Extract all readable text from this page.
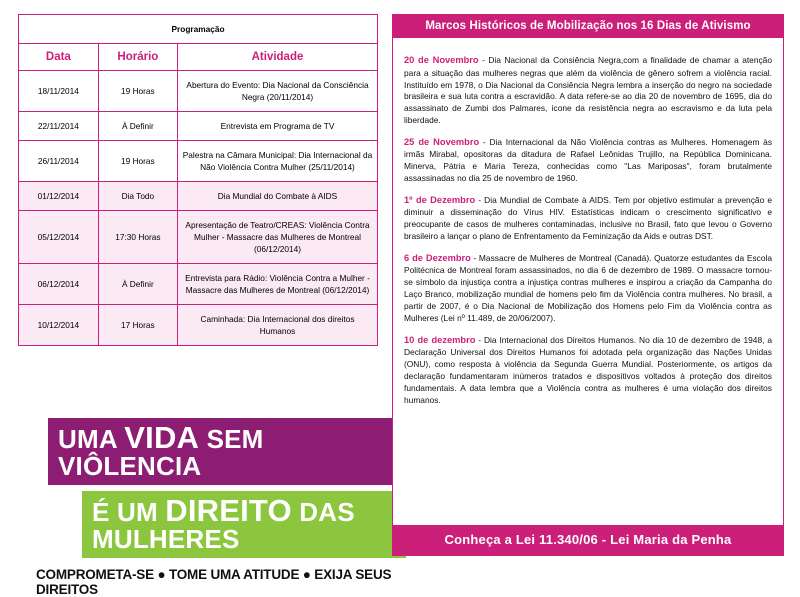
Programação		
Data	Horário	Atividade
18/11/2014	19 Horas	Abertura do Evento: Dia Nacional da Consciência Negra (20/11/2014)
22/11/2014	À Definir	Entrevista em Programa de TV
26/11/2014	19 Horas	Palestra na Câmara Municipal: Dia Internacional da Não Violência Contra Mulher (25/11/2014)
01/12/2014	Dia Todo	Dia Mundial do Combate à AIDS
05/12/2014	17:30 Horas	Apresentação de Teatro/CREAS: Violência Contra Mulher - Massacre das Mulheres de Montreal (06/12/2014)
06/12/2014	À Definir	Entrevista para Rádio: Violência Contra a Mulher - Massacre das Mulheres de Montreal (06/12/2014)
10/12/2014	17 Horas	Caminhada: Dia Internacional dos direitos Humanos
UMA VIDA SEM VIÔLENCIA
É UM DIREITO DAS MULHERES
COMPROMETA-SE ● TOME UMA ATITUDE ● EXIJA SEUS DIREITOS
Marcos Históricos de Mobilização nos 16 Dias de Ativismo

20 de Novembro - Dia Nacional da Consiência Negra,com a finalidade de chamar a atenção para a situação das mulheres negras que além da violência de gênero sofrem a violência racial. Instituído em 1978, o Dia Nacional da Consiência Negra lembra a inserção do negro na sociedade brasileira e sua luta contra a escravidão. A data refere-se ao dia 20 de novembro de 1695, dia do assassinato de Zumbi dos Palmares, ícone da resistência negra ao escravismo e da luta pela liberdade.

25 de Novembro - Dia Internacional da Não Violência contras as Mulheres. Homenagem às irmãs Mirabal, opositoras da ditadura de Rafael Leônidas Trujillo, na República Dominicana. Minerva, Pátria e Maria Tereza, conhecidas como "Las Mariposas", foram brutalmente assassinadas no dia 25 de novembro de 1960.

1º de Dezembro - Dia Mundial de Combate à AIDS. Tem por objetivo estimular a prevenção e diminuir a disseminação do Vírus HIV. Estatísticas indicam o crescimento significativo e preocupante de casos de mulheres contaminadas, inclusive no Brasil, fato que levou o Governo brasileiro a lançar o plano de Enfrentamento da Feminização da Aids e outras DST.

6 de Dezembro - Massacre de Mulheres de Montreal (Canadá). Quatorze estudantes da Escola Politécnica de Montreal foram assassinados, no dia 6 de dezembro de 1989. O massacre tornou-se símbolo da injustiça contra a injustiça contras mulheres e inspirou a criação da Campanha do Laço Branco, mobilização mundial de homens pelo fim da Violência contra mulheres. No brasil, a partir de 2007, é o Dia Nacional de Mobilização dos Homens pelo Fim da Violência contra as Mulheres (Lei nº 11.489, de 20/06/2007).

10 de dezembro - Dia Internacional dos Direitos Humanos. No dia 10 de dezembro de 1948, a Declaração Universal dos Direitos Humanos foi adotada pela organização das Nações Unidas (ONU), como resposta à violência da Segunda Guerra Mundial. Posteriormente, os artigos da declaração fundamentaram inúmeros tratados e dispositivos voltados à proteção dos direitos fundamentais. A data lembra que a Violência contra as mulheres é uma violação dos direitos humanos.

Conheça a Lei 11.340/06 - Lei Maria da Penha
